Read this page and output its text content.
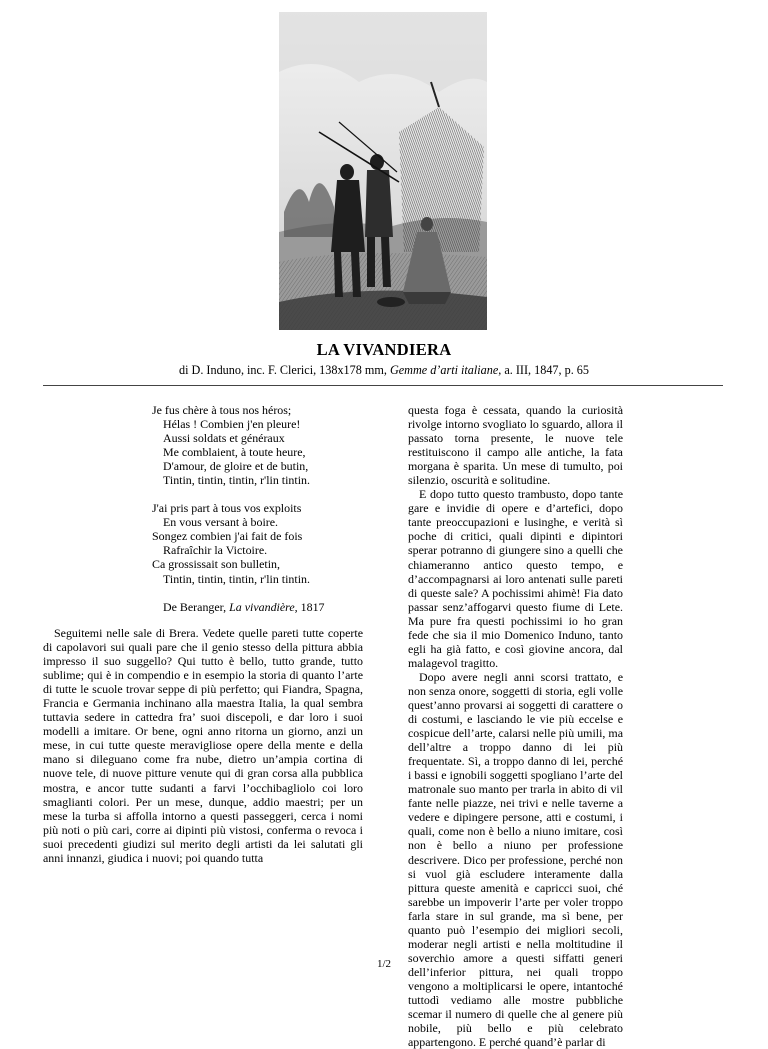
LA VIVANDIERA
di D. Induno, inc. F. Clerici, 138x178 mm, Gemme d’arti italiane, a. III, 1847, p. 65
Je fus chère à tous nos héros;
Hélas ! Combien j'en pleure!
Aussi soldats et généraux
Me comblaient, à toute heure,
D'amour, de gloire et de butin,
Tintin, tintin, tintin, r'lin tintin.
J'ai pris part à tous vos exploits
En vous versant à boire.
Songez combien j'ai fait de fois
Rafraîchir la Victoire.
Ca grossissait son bulletin,
Tintin, tintin, tintin, r'lin tintin.
De Beranger, La vivandière, 1817

Seguitemi nelle sale di Brera. Vedete quelle pareti tutte coperte di capolavori sui quali pare che il genio stesso della pittura abbia impresso il suo suggello? Qui tutto è bello, tutto grande, tutto sublime; qui è in compendio e in esempio la storia di quanto l’arte di tutte le scuole trovar seppe di più perfetto; qui Fiandra, Spagna, Francia e Germania inchinano alla maestra Italia, la qual sembra tuttavia sedere in cattedra fra’ suoi discepoli, e dar loro i suoi modelli a imitare. Or bene, ogni anno ritorna un giorno, anzi un mese, in cui tutte queste meravigliose opere della mente e della mano si dileguano come fra nube, dietro un’ampia cortina di nuove tele, di nuove pitture venute qui di gran corsa alla pubblica mostra, e ancor tutte sudanti a farvi l’occhibagliolo coi loro smaglianti colori. Per un mese, dunque, addio maestri; per un mese la turba si affolla intorno a questi passeggeri, cerca i nomi più noti o più cari, corre ai dipinti più vistosi, conferma o revoca i suoi precedenti giudizi sul merito degli artisti da lei salutati gli anni innanzi, giudica i nuovi; poi quando tutta

questa foga è cessata, quando la curiosità rivolge intorno svogliato lo sguardo, allora il passato torna presente, le nuove tele restituiscono il campo alle antiche, la fata morgana è sparita. Un mese di tumulto, poi silenzio, oscurità e solitudine.

E dopo tutto questo trambusto, dopo tante gare e invidie di opere e d’artefici, dopo tante preoccupazioni e lusinghe, e verità sì poche di critici, quali dipinti e dipintori sperar potranno di giungere sino a quelli che chiameranno antico questo tempo, e d’accompagnarsi ai loro antenati sulle pareti di queste sale? A pochissimi ahimè! Fia dato passar senz’affogarvi questo fiume di Lete. Ma pure fra questi pochissimi io ho gran fede che sia il mio Domenico Induno, tanto egli ha già fatto, e così giovine ancora, dal malagevol tragitto.

Dopo avere negli anni scorsi trattato, e non senza onore, soggetti di storia, egli volle quest’anno provarsi ai soggetti di carattere o di costumi, e lasciando le vie più eccelse e cospicue dell’arte, calarsi nelle più umili, ma dell’altre a troppo danno di lei più frequentate. Sì, a troppo danno di lei, perché i bassi e ignobili soggetti spogliano l’arte del matronale suo manto per trarla in abito di vil fante nelle piazze, nei trivi e nelle taverne a vedere e dipingere persone, atti e costumi, i quali, come non è bello a niuno imitare, così non è bello a niuno per professione descrivere. Dico per professione, perché non si vuol già escludere interamente dalla pittura queste amenità e capricci suoi, ché sarebbe un impoverir l’arte per voler troppo farla stare in sul grande, ma sì bene, per quanto può l’esempio dei migliori secoli, moderar negli artisti e nella moltitudine il soverchio amore a questi siffatti generi dell’inferior pittura, nei quali troppo vengono a moltiplicarsi le opere, intantoché tuttodì vediamo alle mostre pubbliche scemar il numero di quelle che al genere più nobile, più bello e più celebrato appartengono. E perché quand’è parlar di

1/2
